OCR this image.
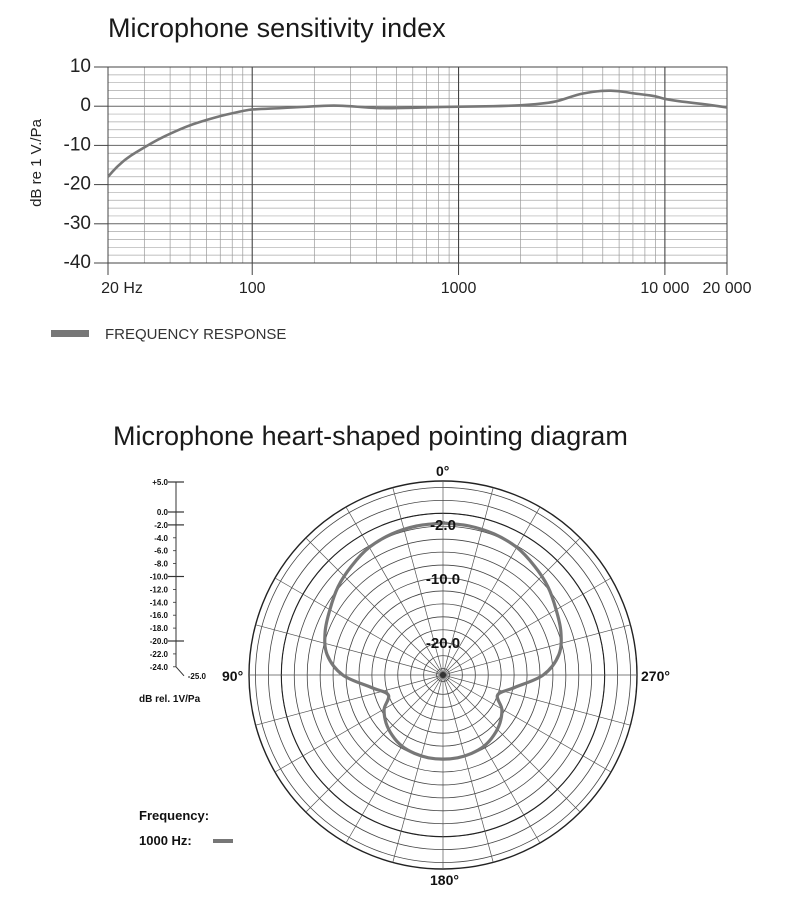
Microphone sensitivity index
Microphone heart-shaped pointing diagram
10
0
-10
-20
-30
-40
20 Hz	100	1000	10 000 20 000
dB re 1 V./Pa
FREQUENCY RESPONSE
0°
90°
180°
270°
-2.0
-10.0
-20.0
+5.0
0.0
-2.0
-4.0
-6.0
-8.0
-10.0
-12.0
-14.0
-16.0
-18.0
-20.0
-22.0
-24.0
-25.0
dB rel. 1V/Pa
Frequency:
1000 Hz:
